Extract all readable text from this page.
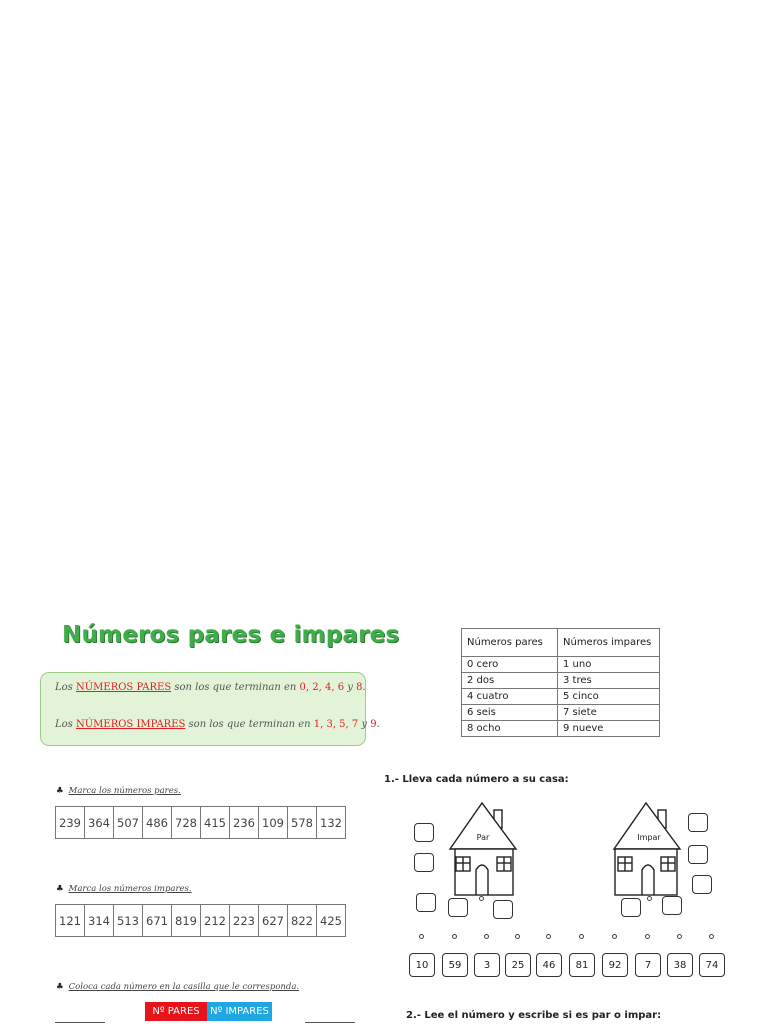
Números pares e impares
Los NÚMEROS PARES son los que terminan en 0, 2, 4, 6 y 8.
Los NÚMEROS IMPARES son los que terminan en 1, 3, 5, 7 y 9.
♣ Marca los números pares.
239	364	507	486	728	415	236	109	578	132
♣ Marca los números impares.
121	314	513	671	819	212	223	627	822	425
♣ Coloca cada número en la casilla que le corresponda.
Nº PARES	Nº IMPARES
Números pares	Números impares
0 cero	1 uno
2 dos	3 tres
4 cuatro	5 cinco
6 seis	7 siete
8 ocho	9 nueve
1.- Lleva cada número a su casa:
Par	Impar
10	59	3	25	46	81	92	7	38	74
2.- Lee el número y escribe si es par o impar:
